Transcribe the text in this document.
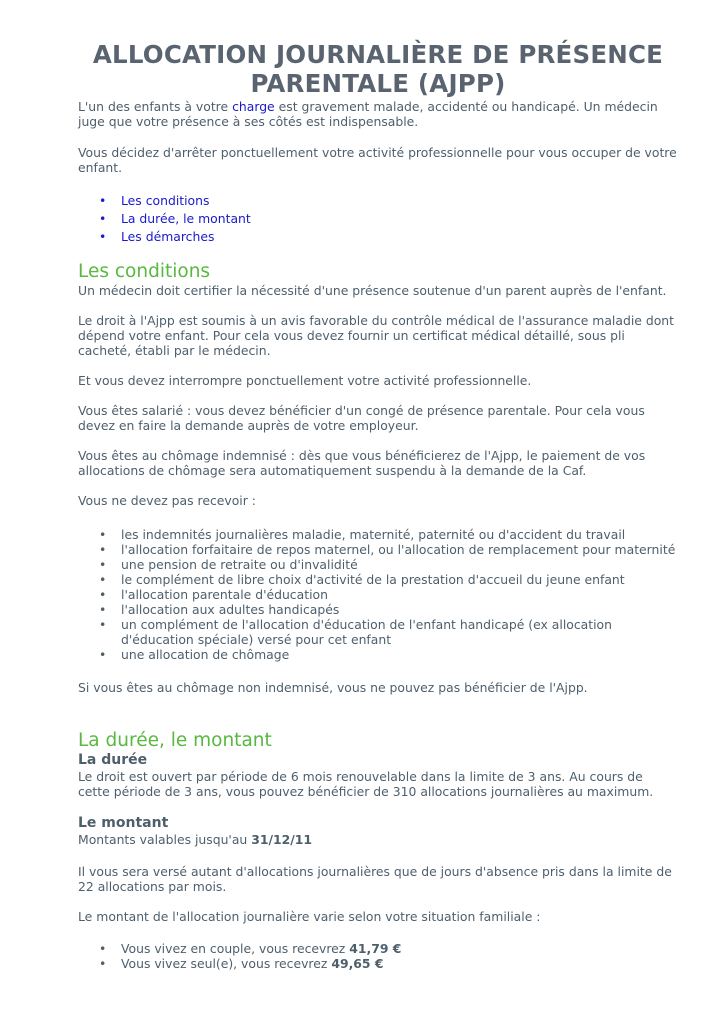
ALLOCATION JOURNALIÈRE DE PRÉSENCE PARENTALE (AJPP)

L'un des enfants à votre charge est gravement malade, accidenté ou handicapé. Un médecin juge que votre présence à ses côtés est indispensable.

Vous décidez d'arrêter ponctuellement votre activité professionnelle pour vous occuper de votre enfant.

• Les conditions
• La durée, le montant
• Les démarches
Les conditions

Un médecin doit certifier la nécessité d'une présence soutenue d'un parent auprès de l'enfant.

Le droit à l'Ajpp est soumis à un avis favorable du contrôle médical de l'assurance maladie dont dépend votre enfant. Pour cela vous devez fournir un certificat médical détaillé, sous pli cacheté, établi par le médecin.

Et vous devez interrompre ponctuellement votre activité professionnelle.

Vous êtes salarié : vous devez bénéficier d'un congé de présence parentale. Pour cela vous devez en faire la demande auprès de votre employeur.

Vous êtes au chômage indemnisé : dès que vous bénéficierez de l'Ajpp, le paiement de vos allocations de chômage sera automatiquement suspendu à la demande de la Caf.

Vous ne devez pas recevoir :

• les indemnités journalières maladie, maternité, paternité ou d'accident du travail
• l'allocation forfaitaire de repos maternel, ou l'allocation de remplacement pour maternité
• une pension de retraite ou d'invalidité
• le complément de libre choix d'activité de la prestation d'accueil du jeune enfant
• l'allocation parentale d'éducation
• l'allocation aux adultes handicapés
• un complément de l'allocation d'éducation de l'enfant handicapé (ex allocation d'éducation spéciale) versé pour cet enfant
• une allocation de chômage

Si vous êtes au chômage non indemnisé, vous ne pouvez pas bénéficier de l'Ajpp.

La durée, le montant
La durée

Le droit est ouvert par période de 6 mois renouvelable dans la limite de 3 ans. Au cours de cette période de 3 ans, vous pouvez bénéficier de 310 allocations journalières au maximum.

Le montant

Montants valables jusqu'au 31/12/11

Il vous sera versé autant d'allocations journalières que de jours d'absence pris dans la limite de 22 allocations par mois.

Le montant de l'allocation journalière varie selon votre situation familiale :

• Vous vivez en couple, vous recevrez 41,79 €
• Vous vivez seul(e), vous recevrez 49,65 €
